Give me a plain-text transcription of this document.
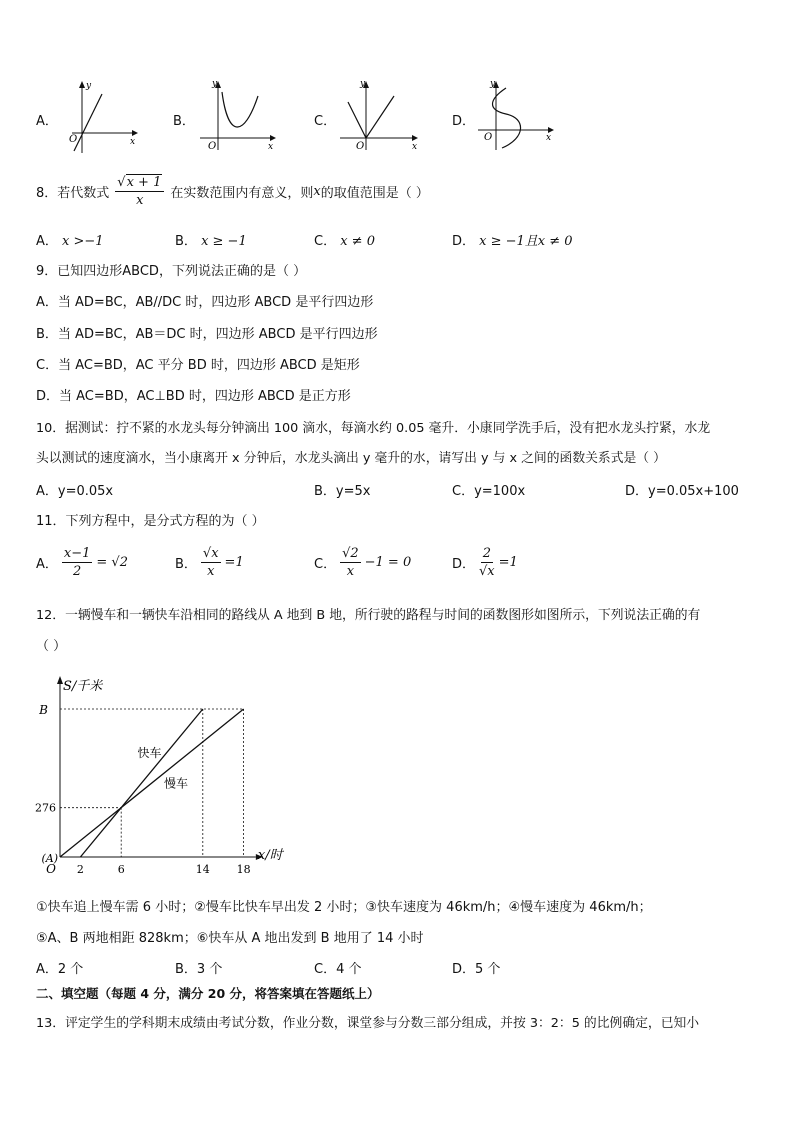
A．
y
x
O
B．
y
x
O
C．
y
x
O
D．
y
x
O
8．若代数式 $\frac{√x + 1}{x}$ 在实数范围内有意义，则 x 的取值范围是（ ）
A． x >−1	B． x ≥ −1	C． x ≠ 0	D． x ≥ −1且x ≠ 0
9．已知四边形ABCD，下列说法正确的是（ ）
A．当 AD=BC，AB//DC 时，四边形 ABCD 是平行四边形
B．当 AD=BC，AB＝DC 时，四边形 ABCD 是平行四边形
C．当 AC=BD，AC 平分 BD 时，四边形 ABCD 是矩形
D．当 AC=BD，AC⊥BD 时，四边形 ABCD 是正方形
10．据测试：拧不紧的水龙头每分钟滴出 100 滴水，每滴水约 0.05 毫升．小康同学洗手后，没有把水龙头拧紧，水龙
头以测试的速度滴水，当小康离开 x 分钟后，水龙头滴出 y 毫升的水，请写出 y 与 x 之间的函数关系式是（ ）
A．y=0.05x	B．y=5x	C．y=100x	D．y=0.05x+100
11．下列方程中，是分式方程的为（ ）
A． $\frac{x-1}{2} = √2$	B． $\frac{√x}{x} =1$	C． $\frac{√2}{x} -1 = 0$	D． $\frac{2}{√x} =1$
12．一辆慢车和一辆快车沿相同的路线从 A 地到 B 地，所行驶的路程与时间的函数图形如图所示，下列说法正确的有
（ ）
快车
慢车
S/千米
x/时
276
B
2	6	14 18
O
(A)
①快车追上慢车需 6 小时；②慢车比快车早出发 2 小时；③快车速度为 46km/h；④慢车速度为 46km/h；
⑤A、B 两地相距 828km；⑥快车从 A 地出发到 B 地用了 14 小时
A．2 个	B．3 个	C．4 个	D．5 个
二、填空题（每题 4 分，满分 20 分，将答案填在答题纸上）
13．评定学生的学科期末成绩由考试分数，作业分数，课堂参与分数三部分组成，并按 3：2：5 的比例确定，已知小
